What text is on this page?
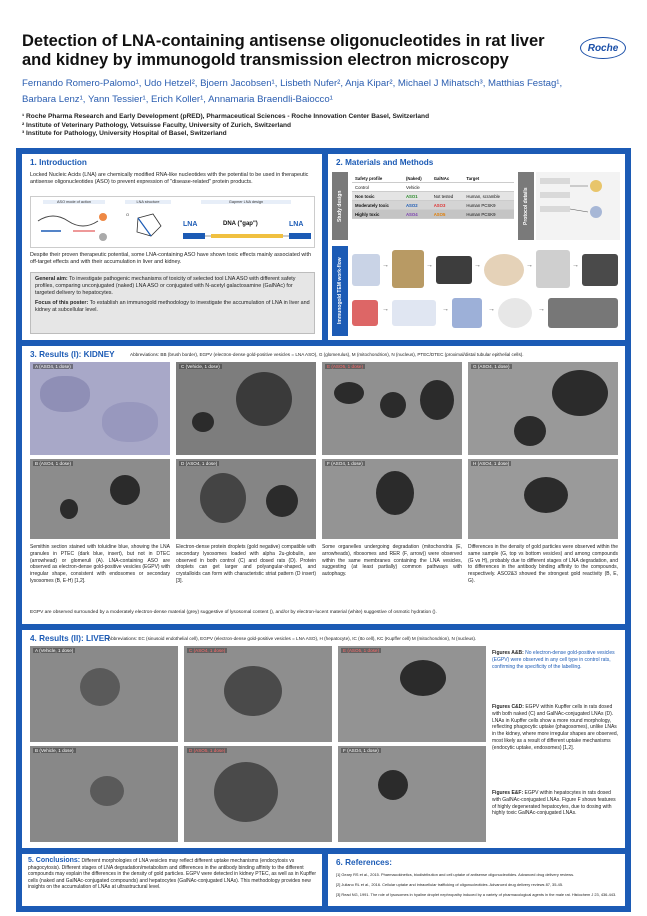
Detection of LNA-containing antisense oligonucleotides in rat liver and kidney by immunogold transmission electron microscopy
Roche
Fernando Romero-Palomo¹, Udo Hetzel², Bjoern Jacobsen¹, Lisbeth Nufer², Anja Kipar², Michael J Mihatsch³, Matthias Festag¹,
Barbara Lenz¹, Yann Tessier¹, Erich Koller¹, Annamaria Braendli-Baiocco¹
¹ Roche Pharma Research and Early Development (pRED), Pharmaceutical Sciences - Roche Innovation Center Basel, Switzerland
² Institute of Veterinary Pathology, Vetsuisse Faculty, University of Zurich, Switzerland
³ Institute for Pathology, University Hospital of Basel, Switzerland
1. Introduction
Locked Nucleic Acids (LNA) are chemically modified RNA-like nucleotides with the potential to be used in therapeutic antisense oligonucleotides (ASO) to prevent expression of "disease-related" protein products.
ASO mode of action	LNA structure
O
Gapmer LNA design
LNA	DNA ("gap")	LNA
Despite their proven therapeutic potential, some LNA-containing ASO have shown toxic effects mainly associated with off-target effects and with their accumulation in liver and kidney.
General aim: To investigate pathogenic mechanisms of toxicity of selected tool LNA ASO with different safety profiles, comparing unconjugated (naked) LNA ASO or conjugated with N-acetyl galactosamine (GalNAc) for targeted delivery to hepatocytes.
Focus of this poster: To establish an immunogold methodology to investigate the accumulation of LNA in liver and kidney at subcellular level.
2. Materials and Methods
Study design
Safety profile	(Naked)	GalNAc	Target
Control	Vehicle		
Non toxic	ASO1	Not tested	Human, scramble
Moderately toxic	ASO2	ASO3	Human PCSK9
Highly toxic	ASO4	ASO5	Human PCSK9	Protocol details
Immunogold TEM work-flow	→	→	→	→	→
→	→	→	→
3. Results (I): KIDNEY	Abbreviations: BB (brush border), EGPV (electron-dense gold-positive vesicles = LNA ASO), G (glomerulus), M (mitochondrion), N (nucleus), PTEC/DTEC (proximal/distal tubular epithelial cells).
A (ASO4, 1 dose)	C (Vehicle, 1 dose)	E (ASO5, 1 dose)	G (ASO4, 1 dose)
B (ASO4, 1 dose)	D (ASO4, 1 dose)	F (ASO4, 1 dose)	H (ASO4, 1 dose)
Semithin section stained with toluidine blue, showing the LNA granules in PTEC (dark blue, insert), but not in DTEC (arrowhead) or glomeruli (A). LNA-containing ASO are observed as electron-dense gold-positive vesicles (EGPV) with irregular shape, consistent with endosomes or secondary lysosomes (B, E-H) [1,2].
Electron-dense protein droplets (gold negative) compatible with secondary lysosomes loaded with alpha 2u-globulin, are observed in both control (C) and dosed rats (D). Protein droplets can get larger and polyangular-shaped, and crystalloids can form with characteristic striat pattern (D insert) [3].
Some organelles undergoing degradation (mitochondria (E, arrowheads), ribosomes and RER (F, arrow)) were observed within the same membranes containing the LNA vesicles, suggesting (at least partially) common pathways with autophagy.
Differences in the density of gold particles were observed within the same sample (G, top vs bottom vesicles) and among compounds (G vs H), probably due to different stages of LNA degradation, and to differences in the antibody binding affinity to the compounds, respectively. ASO2&3 showed the strongest gold reactivity (B, E, G).
EGPV are observed surrounded by a moderately electron-dense material (grey) suggestive of lysosomal content (), and/or by electron-lucent material (white) suggestive of osmotic hydration ().
4. Results (II): LIVER
Abbreviations: EC (sinusoid endothelial cell), EGPV (electron-dense gold-positive vesicles = LNA ASO), H (hepatocyte), IC (Ito cell), KC (Kupffer cell) M (mitochondrion), N (nucleus).
A (Vehicle, 1 dose)	C (ASO4, 1 dose)	E (ASO5, 1 dose)
B (Vehicle, 1 dose)	D (ASO5, 1 dose)	F (ASO4, 1 dose)
Figures A&B: No electron-dense gold-positive vesicles (EGPV) were observed in any cell type in control rats, confirming the specificity of the labelling.
Figures C&D: EGPV within Kupffer cells in rats dosed with both naked (C) and GalNAc-conjugated LNAs (D). LNAs in Kupffer cells show a more round morphology, reflecting phagocytic uptake (phagosomes), unlike LNAs in the kidney, where more irregular shapes are observed, most likely as a result of different uptake mechanisms (endocytic uptake, endosomes) [1,2].
Figures E&F: EGPV within hepatocytes in rats dosed with GalNAc-conjugated LNAs. Figure F shows features of highly degenerated hepatocytes, due to dosing with highly toxic GalNAc-conjugated LNAs.
5. Conclusions: Different morphologies of LNA vesicles may reflect different uptake mechanisms (endocytosis vs phagocytosis). Different stages of LNA degradation/metabolism and differences in the antibody binding affinity to the different compounds may explain the differences in the density of gold particles. EGPV were detected in kidney PTEC, as well as in Kupffer cells (naked and GalNAc-conjugated compounds) and hepatocytes (GalNAc-conjugated LNAs). This methodology provides new insights on the accumulation of LNAs at ultrastructural level.
6. References:
[1] Geary RS et al., 2015. Pharmacokinetics, biodistribution and cell uptake of antisense oligonucleotides. Advanced drug delivery reviews.
[2] Juliano RL et al., 2016. Cellular uptake and intracellular trafficking of oligonucleotides. Advanced drug delivery reviews 87, 35-45.
[3] Read NG, 1991. The role of lysosomes in hyaline droplet nephropathy induced by a variety of pharmacological agents in the male rat. Histochem J 23, 436-443.
